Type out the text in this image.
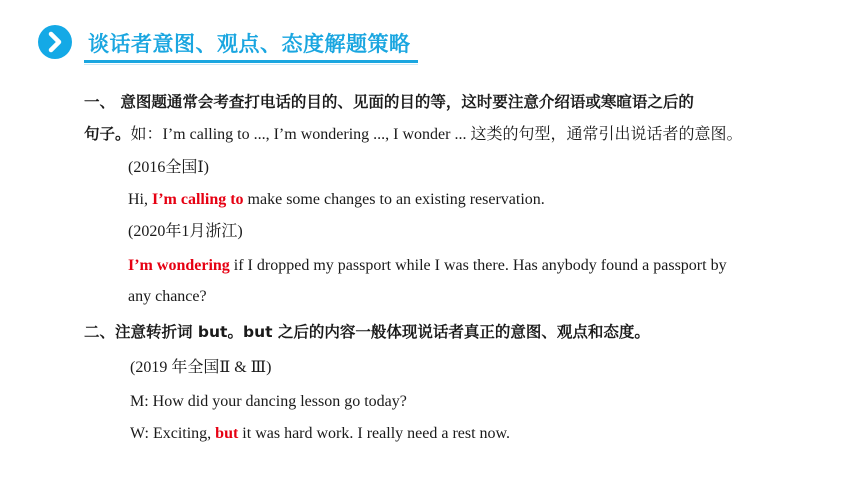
谈话者意图、观点、态度解题策略
一、 意图题通常会考查打电话的目的、见面的目的等，这时要注意介绍语或寒暄语之后的
句子。如：I’m calling to ..., I’m wondering ..., I wonder ... 这类的句型，通常引出说话者的意图。
(2016全国Ⅰ)
Hi, I’m calling to make some changes to an existing reservation.
(2020年1月浙江)
I’m wondering if I dropped my passport while I was there. Has anybody found a passport by
any chance?
二、注意转折词 but。but 之后的内容一般体现说话者真正的意图、观点和态度。
(2019 年全国Ⅱ & Ⅲ)
M: How did your dancing lesson go today?
W: Exciting, but it was hard work. I really need a rest now.
